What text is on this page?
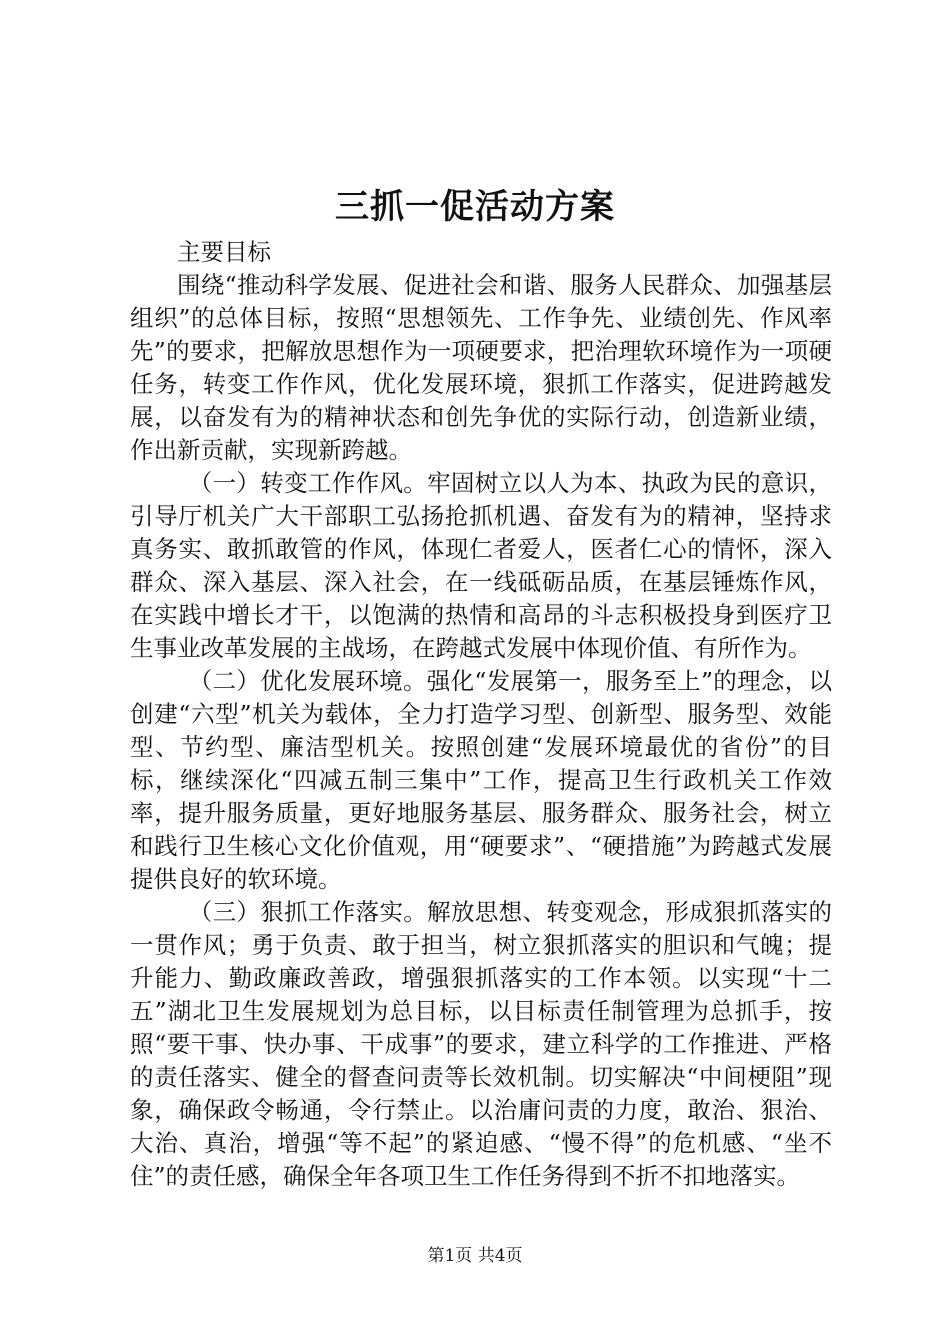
三抓一促活动方案

主要目标

围绕“推动科学发展、促进社会和谐、服务人民群众、加强基层组织”的总体目标，按照“思想领先、工作争先、业绩创先、作风率先”的要求，把解放思想作为一项硬要求，把治理软环境作为一项硬任务，转变工作作风，优化发展环境，狠抓工作落实，促进跨越发展，以奋发有为的精神状态和创先争优的实际行动，创造新业绩，作出新贡献，实现新跨越。

（一）转变工作作风。牢固树立以人为本、执政为民的意识，引导厅机关广大干部职工弘扬抢抓机遇、奋发有为的精神，坚持求真务实、敢抓敢管的作风，体现仁者爱人，医者仁心的情怀，深入群众、深入基层、深入社会，在一线砥砺品质，在基层锤炼作风，在实践中增长才干，以饱满的热情和高昂的斗志积极投身到医疗卫生事业改革发展的主战场，在跨越式发展中体现价值、有所作为。

（二）优化发展环境。强化“发展第一，服务至上”的理念，以创建“六型”机关为载体，全力打造学习型、创新型、服务型、效能型、节约型、廉洁型机关。按照创建“发展环境最优的省份”的目标，继续深化“四减五制三集中”工作，提高卫生行政机关工作效率，提升服务质量，更好地服务基层、服务群众、服务社会，树立和践行卫生核心文化价值观，用“硬要求”、“硬措施”为跨越式发展提供良好的软环境。

（三）狠抓工作落实。解放思想、转变观念，形成狠抓落实的一贯作风；勇于负责、敢于担当，树立狠抓落实的胆识和气魄；提升能力、勤政廉政善政，增强狠抓落实的工作本领。以实现“十二五”湖北卫生发展规划为总目标，以目标责任制管理为总抓手，按照“要干事、快办事、干成事”的要求，建立科学的工作推进、严格的责任落实、健全的督查问责等长效机制。切实解决“中间梗阻”现象，确保政令畅通，令行禁止。以治庸问责的力度，敢治、狠治、大治、真治，增强“等不起”的紧迫感、“慢不得”的危机感、“坐不住”的责任感，确保全年各项卫生工作任务得到不折不扣地落实。

第1页 共4页
